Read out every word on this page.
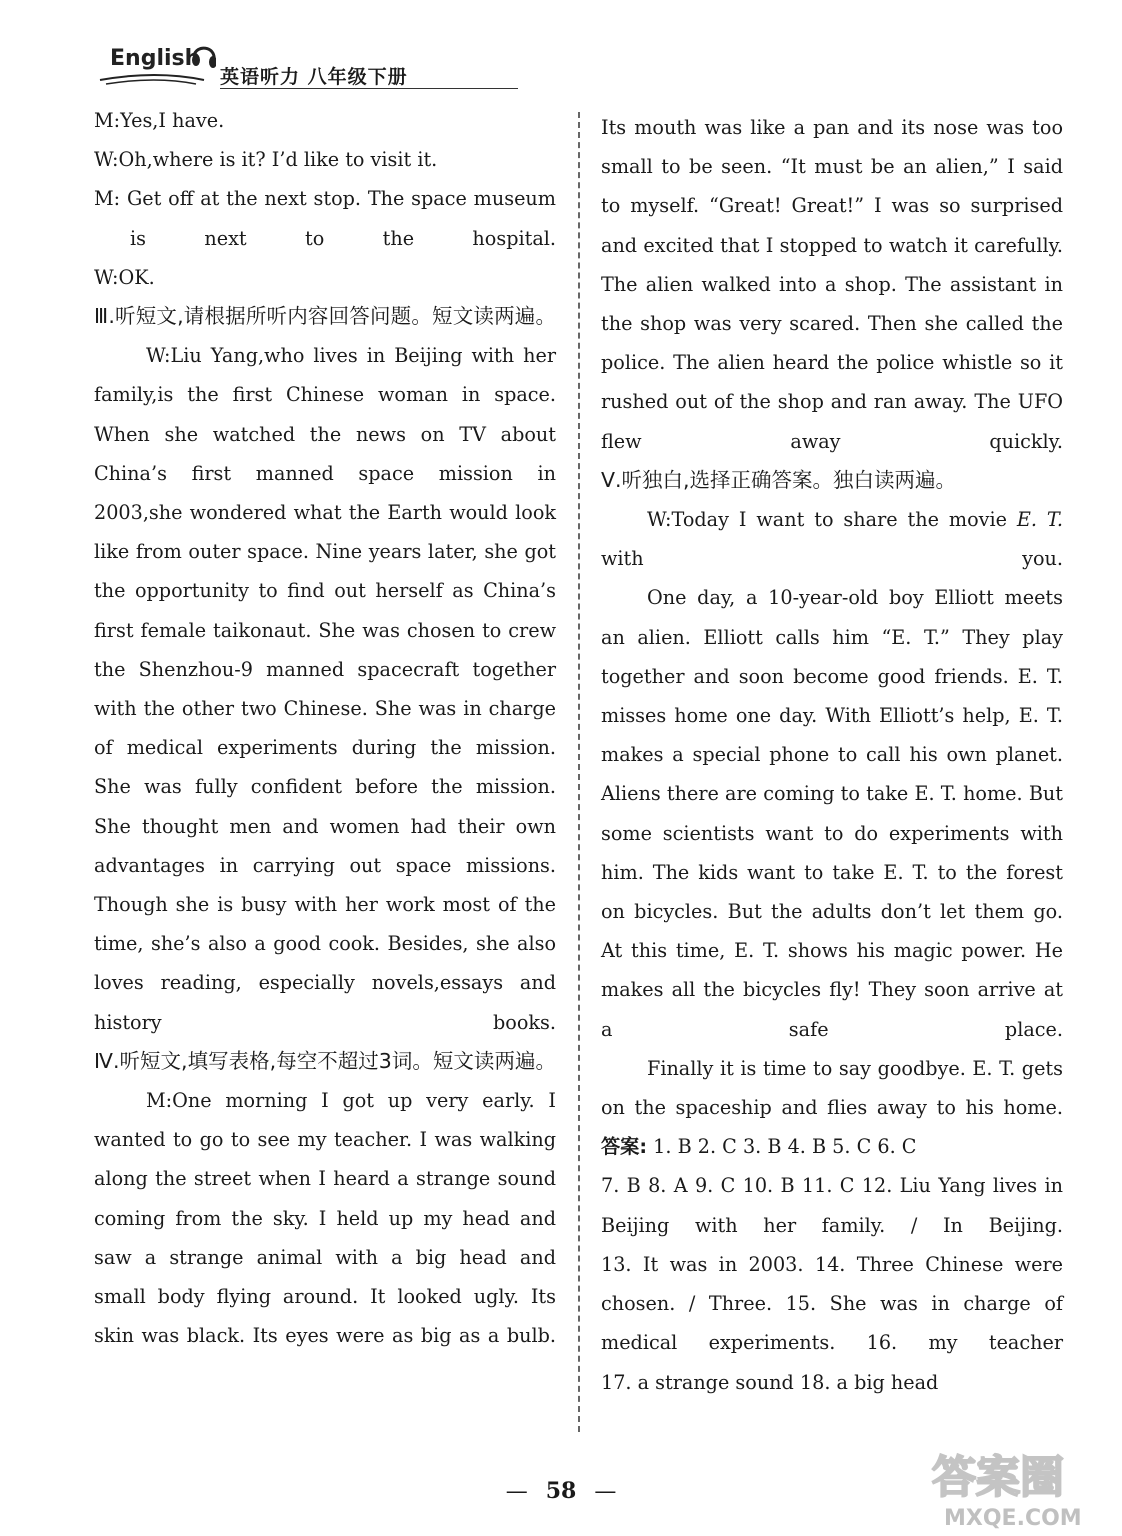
English
英语听力 八年级下册

M:Yes,I have.

W:Oh,where is it? I’d like to visit it.

M: Get off at the next stop. The space museum is next to the hospital.

W:OK.

Ⅲ.听短文,请根据所听内容回答问题。短文读两遍。

W:Liu Yang,who lives in Beijing with her family,is the first Chinese woman in space. When she watched the news on TV about China’s first manned space mission in 2003,she wondered what the Earth would look like from outer space. Nine years later, she got the opportunity to find out herself as China’s first female taikonaut. She was chosen to crew the Shenzhou-9 manned spacecraft together with the other two Chinese. She was in charge of medical experiments during the mission. She was fully confident before the mission. She thought men and women had their own advantages in carrying out space missions. Though she is busy with her work most of the time, she’s also a good cook. Besides, she also loves reading, especially novels,essays and history books.

Ⅳ.听短文,填写表格,每空不超过3词。短文读两遍。

M:One morning I got up very early. I wanted to go to see my teacher. I was walking along the street when I heard a strange sound coming from the sky. I held up my head and saw a strange animal with a big head and small body flying around. It looked ugly. Its skin was black. Its eyes were as big as a bulb.

Its mouth was like a pan and its nose was too small to be seen. “It must be an alien,” I said to myself. “Great! Great!” I was so surprised and excited that I stopped to watch it carefully. The alien walked into a shop. The assistant in the shop was very scared. Then she called the police. The alien heard the police whistle so it rushed out of the shop and ran away. The UFO flew away quickly.

Ⅴ.听独白,选择正确答案。独白读两遍。

W:Today I want to share the movie E. T. with you.

One day, a 10-year-old boy Elliott meets an alien. Elliott calls him “E. T.” They play together and soon become good friends. E. T. misses home one day. With Elliott’s help, E. T. makes a special phone to call his own planet. Aliens there are coming to take E. T. home. But some scientists want to do experiments with him. The kids want to take E. T. to the forest on bicycles. But the adults don’t let them go. At this time, E. T. shows his magic power. He makes all the bicycles fly! They soon arrive at a safe place.

Finally it is time to say goodbye. E. T. gets on the spaceship and flies away to his home.

答案: 1. B 2. C 3. B 4. B 5. C 6. C

7. B 8. A 9. C 10. B 11. C 12. Liu Yang lives in Beijing with her family. / In Beijing.

13. It was in 2003. 14. Three Chinese were chosen. / Three. 15. She was in charge of medical experiments. 16. my teacher

17. a strange sound 18. a big head

— 58 —	答案圈
MXQE.COM
